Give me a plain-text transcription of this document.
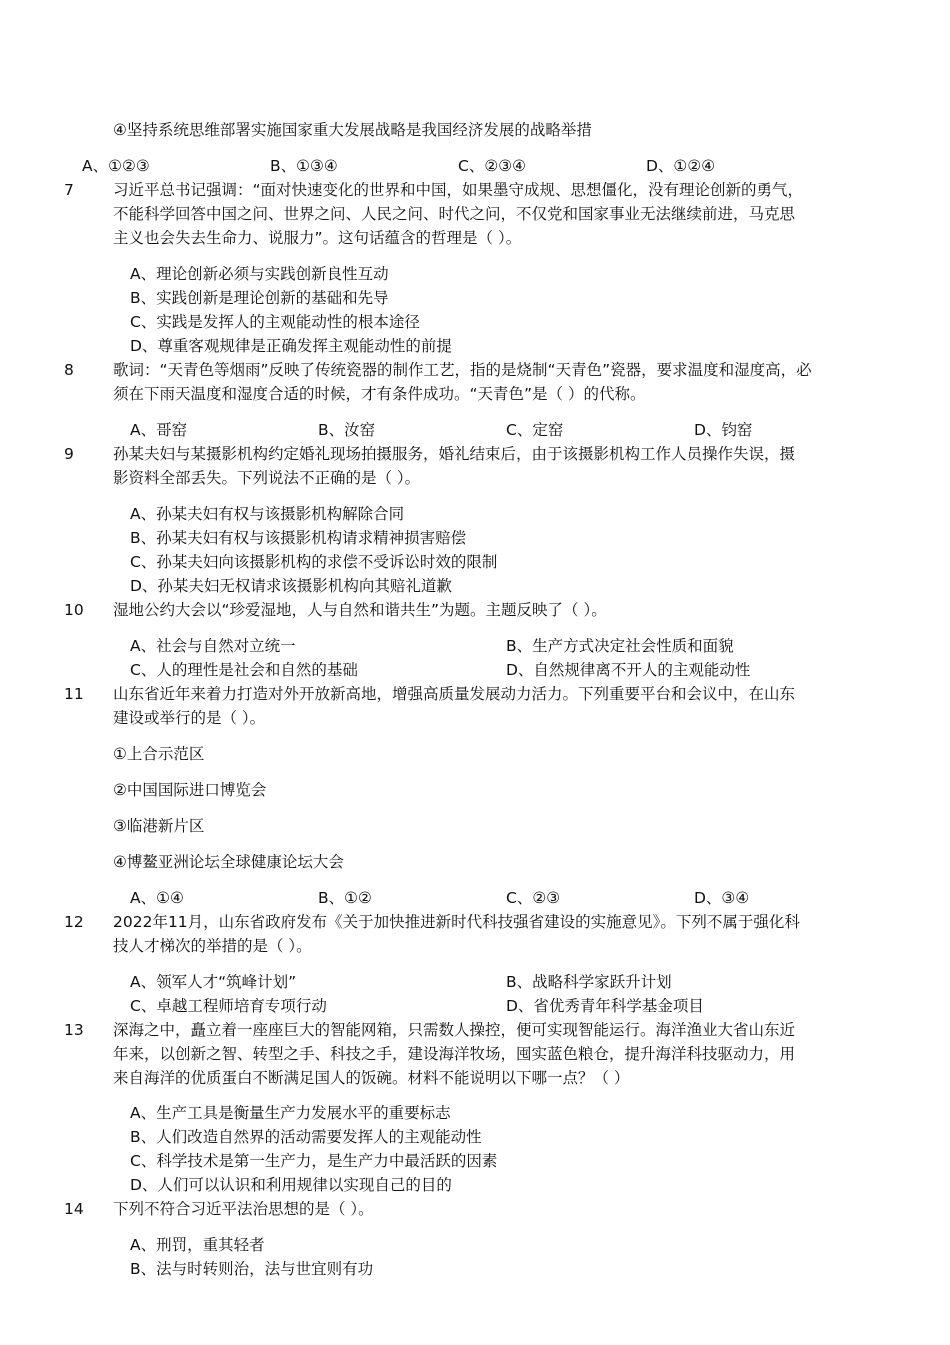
④坚持系统思维部署实施国家重大发展战略是我国经济发展的战略举措
A、①②③	B、①③④	C、②③④	D、①②④
7	习近平总书记强调：“面对快速变化的世界和中国，如果墨守成规、思想僵化，没有理论创新的勇气，
不能科学回答中国之问、世界之问、人民之问、时代之问，不仅党和国家事业无法继续前进，马克思
主义也会失去生命力、说服力”。这句话蕴含的哲理是（ ）。
A、理论创新必须与实践创新良性互动
B、实践创新是理论创新的基础和先导
C、实践是发挥人的主观能动性的根本途径
D、尊重客观规律是正确发挥主观能动性的前提
8	歌词：“天青色等烟雨”反映了传统瓷器的制作工艺，指的是烧制“天青色”瓷器，要求温度和湿度高，必
须在下雨天温度和湿度合适的时候，才有条件成功。“天青色”是（ ）的代称。
A、哥窑	B、汝窑	C、定窑	D、钧窑
9	孙某夫妇与某摄影机构约定婚礼现场拍摄服务，婚礼结束后，由于该摄影机构工作人员操作失误，摄
影资料全部丢失。下列说法不正确的是（ ）。
A、孙某夫妇有权与该摄影机构解除合同
B、孙某夫妇有权与该摄影机构请求精神损害赔偿
C、孙某夫妇向该摄影机构的求偿不受诉讼时效的限制
D、孙某夫妇无权请求该摄影机构向其赔礼道歉
10 湿地公约大会以“珍爱湿地，人与自然和谐共生”为题。主题反映了（ ）。
A、社会与自然对立统一	B、生产方式决定社会性质和面貌
C、人的理性是社会和自然的基础	D、自然规律离不开人的主观能动性
11 山东省近年来着力打造对外开放新高地，增强高质量发展动力活力。下列重要平台和会议中，在山东
建设或举行的是（ ）。
①上合示范区
②中国国际进口博览会
③临港新片区
④博鳌亚洲论坛全球健康论坛大会
A、①④	B、①②	C、②③	D、③④
12 2022年11月，山东省政府发布《关于加快推进新时代科技强省建设的实施意见》。下列不属于强化科
技人才梯次的举措的是（ ）。
A、领军人才“筑峰计划”	B、战略科学家跃升计划
C、卓越工程师培育专项行动	D、省优秀青年科学基金项目
13 深海之中，矗立着一座座巨大的智能网箱，只需数人操控，便可实现智能运行。海洋渔业大省山东近
年来，以创新之智、转型之手、科技之手，建设海洋牧场，囤实蓝色粮仓，提升海洋科技驱动力，用
来自海洋的优质蛋白不断满足国人的饭碗。材料不能说明以下哪一点？（ ）
A、生产工具是衡量生产力发展水平的重要标志
B、人们改造自然界的活动需要发挥人的主观能动性
C、科学技术是第一生产力，是生产力中最活跃的因素
D、人们可以认识和利用规律以实现自己的目的
14 下列不符合习近平法治思想的是（ ）。
A、刑罚，重其轻者
B、法与时转则治，法与世宜则有功
